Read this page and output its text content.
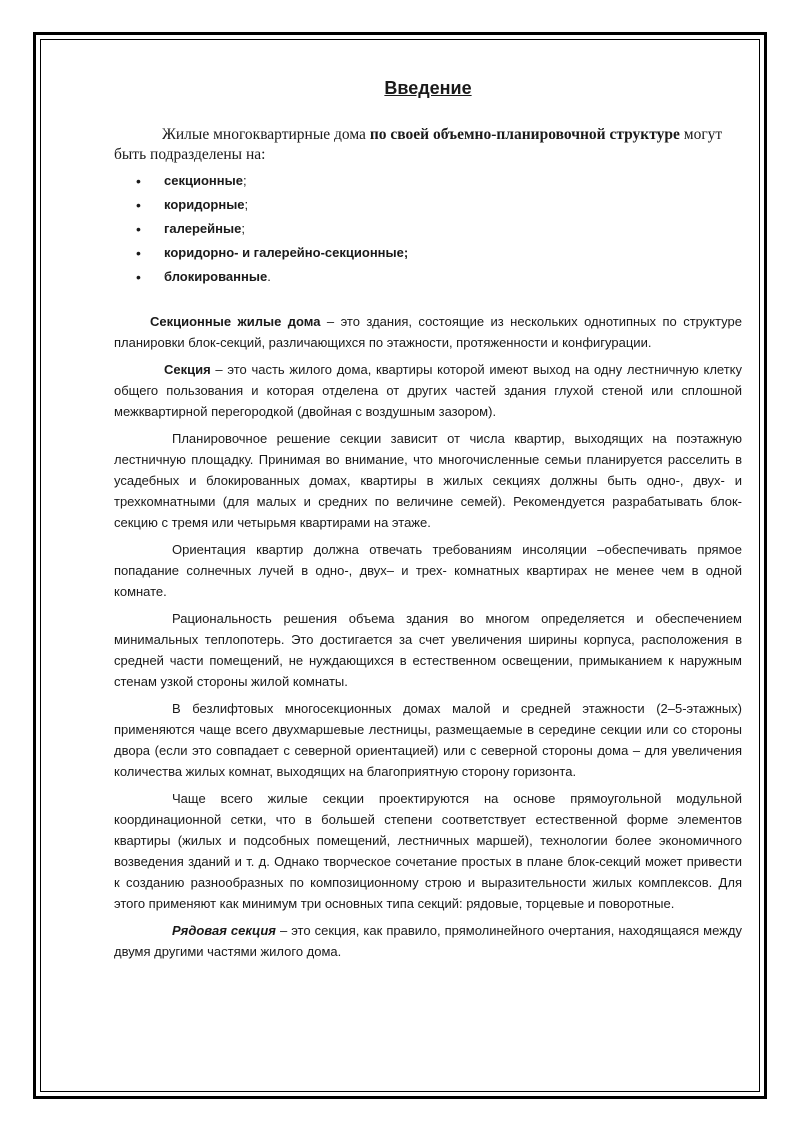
Введение

Жилые многоквартирные дома по своей объемно-планировочной структуре могут быть подразделены на:

• секционные;
• коридорные;
• галерейные;
• коридорно- и галерейно-секционные;
• блокированные.

Секционные жилые дома – это здания, состоящие из нескольких однотипных по структуре планировки блок-секций, различающихся по этажности, протяженности и конфигурации.

Секция – это часть жилого дома, квартиры которой имеют выход на одну лестничную клетку общего пользования и которая отделена от других частей здания глухой стеной или сплошной межквартирной перегородкой (двойная с воздушным зазором).

Планировочное решение секции зависит от числа квартир, выходящих на поэтажную лестничную площадку. Принимая во внимание, что многочисленные семьи планируется расселить в усадебных и блокированных домах, квартиры в жилых секциях должны быть одно-, двух- и трехкомнатными (для малых и средних по величине семей). Рекомендуется разрабатывать блок-секцию с тремя или четырьмя квартирами на этаже.

Ориентация квартир должна отвечать требованиям инсоляции –обеспечивать прямое попадание солнечных лучей в одно-, двух– и трех- комнатных квартирах не менее чем в одной комнате.

Рациональность решения объема здания во многом определяется и обеспечением минимальных теплопотерь. Это достигается за счет увеличения ширины корпуса, расположения в средней части помещений, не нуждающихся в естественном освещении, примыканием к наружным стенам узкой стороны жилой комнаты.

В безлифтовых многосекционных домах малой и средней этажности (2–5-этажных) применяются чаще всего двухмаршевые лестницы, размещаемые в середине секции или со стороны двора (если это совпадает с северной ориентацией) или с северной стороны дома – для увеличения количества жилых комнат, выходящих на благоприятную сторону горизонта.

Чаще всего жилые секции проектируются на основе прямоугольной модульной координационной сетки, что в большей степени соответствует естественной форме элементов квартиры (жилых и подсобных помещений, лестничных маршей), технологии более экономичного возведения зданий и т. д. Однако творческое сочетание простых в плане блок-секций может привести к созданию разнообразных по композиционному строю и выразительности жилых комплексов. Для этого применяют как минимум три основных типа секций: рядовые, торцевые и поворотные.

Рядовая секция – это секция, как правило, прямолинейного очертания, находящаяся между двумя другими частями жилого дома.
